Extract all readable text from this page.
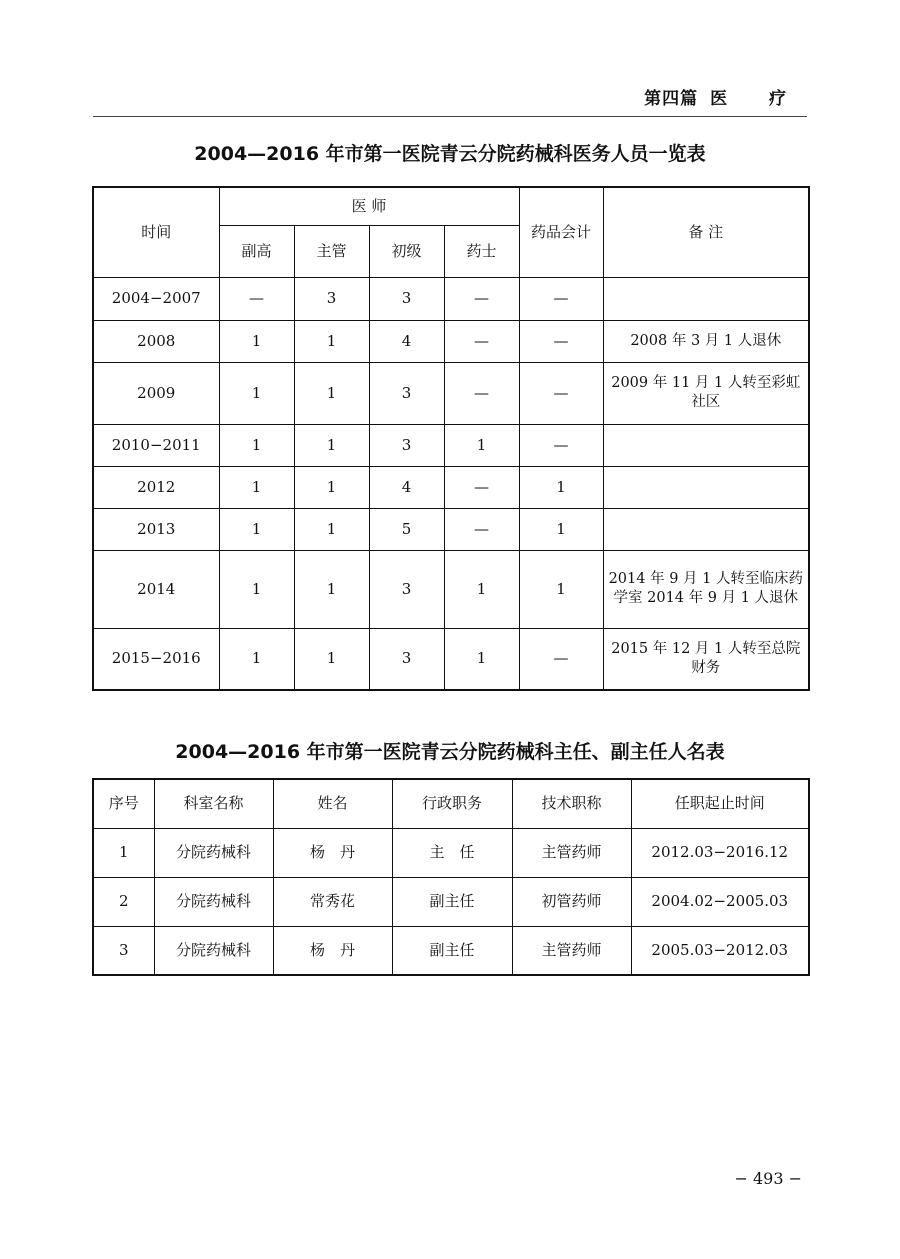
第四篇 医 疗
2004—2016 年市第一医院青云分院药械科医务人员一览表
时间	医 师				药品会计	备 注
	副高	主管	初级	药士		
2004−2007	—	3	3	—	—	
2008	1	1	4	—	—	2008 年 3 月 1 人退休
2009	1	1	3	—	—	2009 年 11 月 1 人转至彩虹社区
2010−2011	1	1	3	1	—	
2012	1	1	4	—	1	
2013	1	1	5	—	1	
2014	1	1	3	1	1	2014 年 9 月 1 人转至临床药学室 2014 年 9 月 1 人退休
2015−2016	1	1	3	1	—	2015 年 12 月 1 人转至总院财务
2004—2016 年市第一医院青云分院药械科主任、副主任人名表
序号	科室名称	姓名	行政职务	技术职称	任职起止时间
1	分院药械科	杨　丹	主　任	主管药师	2012.03−2016.12
2	分院药械科	常秀花	副主任	初管药师	2004.02−2005.03
3	分院药械科	杨　丹	副主任	主管药师	2005.03−2012.03
− 493 −
